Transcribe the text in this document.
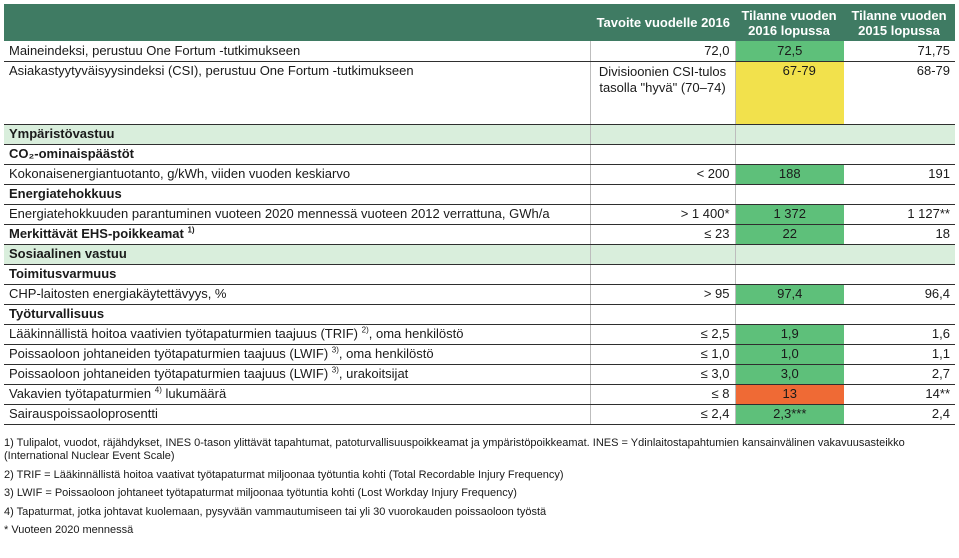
	Tavoite vuodelle 2016	Tilanne vuoden 2016 lopussa	Tilanne vuoden 2015 lopussa
Maineindeksi, perustuu One Fortum -tutkimukseen	72,0	72,5	71,75
Asiakastyytyväisyysindeksi (CSI), perustuu One Fortum -tutkimukseen	Divisioonien CSI-tulos tasolla "hyvä" (70–74)	67-79	68-79
Ympäristövastuu			
CO₂-ominaispäästöt			
Kokonaisenergiantuotanto, g/kWh, viiden vuoden keskiarvo	< 200	188	191
Energiatehokkuus			
Energiatehokkuuden parantuminen vuoteen 2020 mennessä vuoteen 2012 verrattuna, GWh/a	> 1 400*	1 372	1 127**
Merkittävät EHS-poikkeamat $^{1)}$	≤ 23	22	18
Sosiaalinen vastuu			
Toimitusvarmuus			
CHP-laitosten energiakäytettävyys, %	> 95	97,4	96,4
Työturvallisuus			
Lääkinnällistä hoitoa vaativien työtapaturmien taajuus (TRIF) $^{2)}$, oma henkilöstö	≤ 2,5	1,9	1,6
Poissaoloon johtaneiden työtapaturmien taajuus (LWIF) $^{3)}$, oma henkilöstö	≤ 1,0	1,0	1,1
Poissaoloon johtaneiden työtapaturmien taajuus (LWIF) $^{3)}$, urakoitsijat	≤ 3,0	3,0	2,7
Vakavien työtapaturmien $^{4)}$ lukumäärä	≤ 8	13	14**
Sairauspoissaoloprosentti	≤ 2,4	2,3***	2,4

1) Tulipalot, vuodot, räjähdykset, INES 0-tason ylittävät tapahtumat, patoturvallisuuspoikkeamat ja ympäristöpoikkeamat. INES = Ydinlaitostapahtumien kansainvälinen vakavuusasteikko (International Nuclear Event Scale)

2) TRIF = Lääkinnällistä hoitoa vaativat työtapaturmat miljoonaa työtuntia kohti (Total Recordable Injury Frequency)

3) LWIF = Poissaoloon johtaneet työtapaturmat miljoonaa työtuntia kohti (Lost Workday Injury Frequency)

4) Tapaturmat, jotka johtavat kuolemaan, pysyvään vammautumiseen tai yli 30 vuorokauden poissaoloon työstä

* Vuoteen 2020 mennessä
